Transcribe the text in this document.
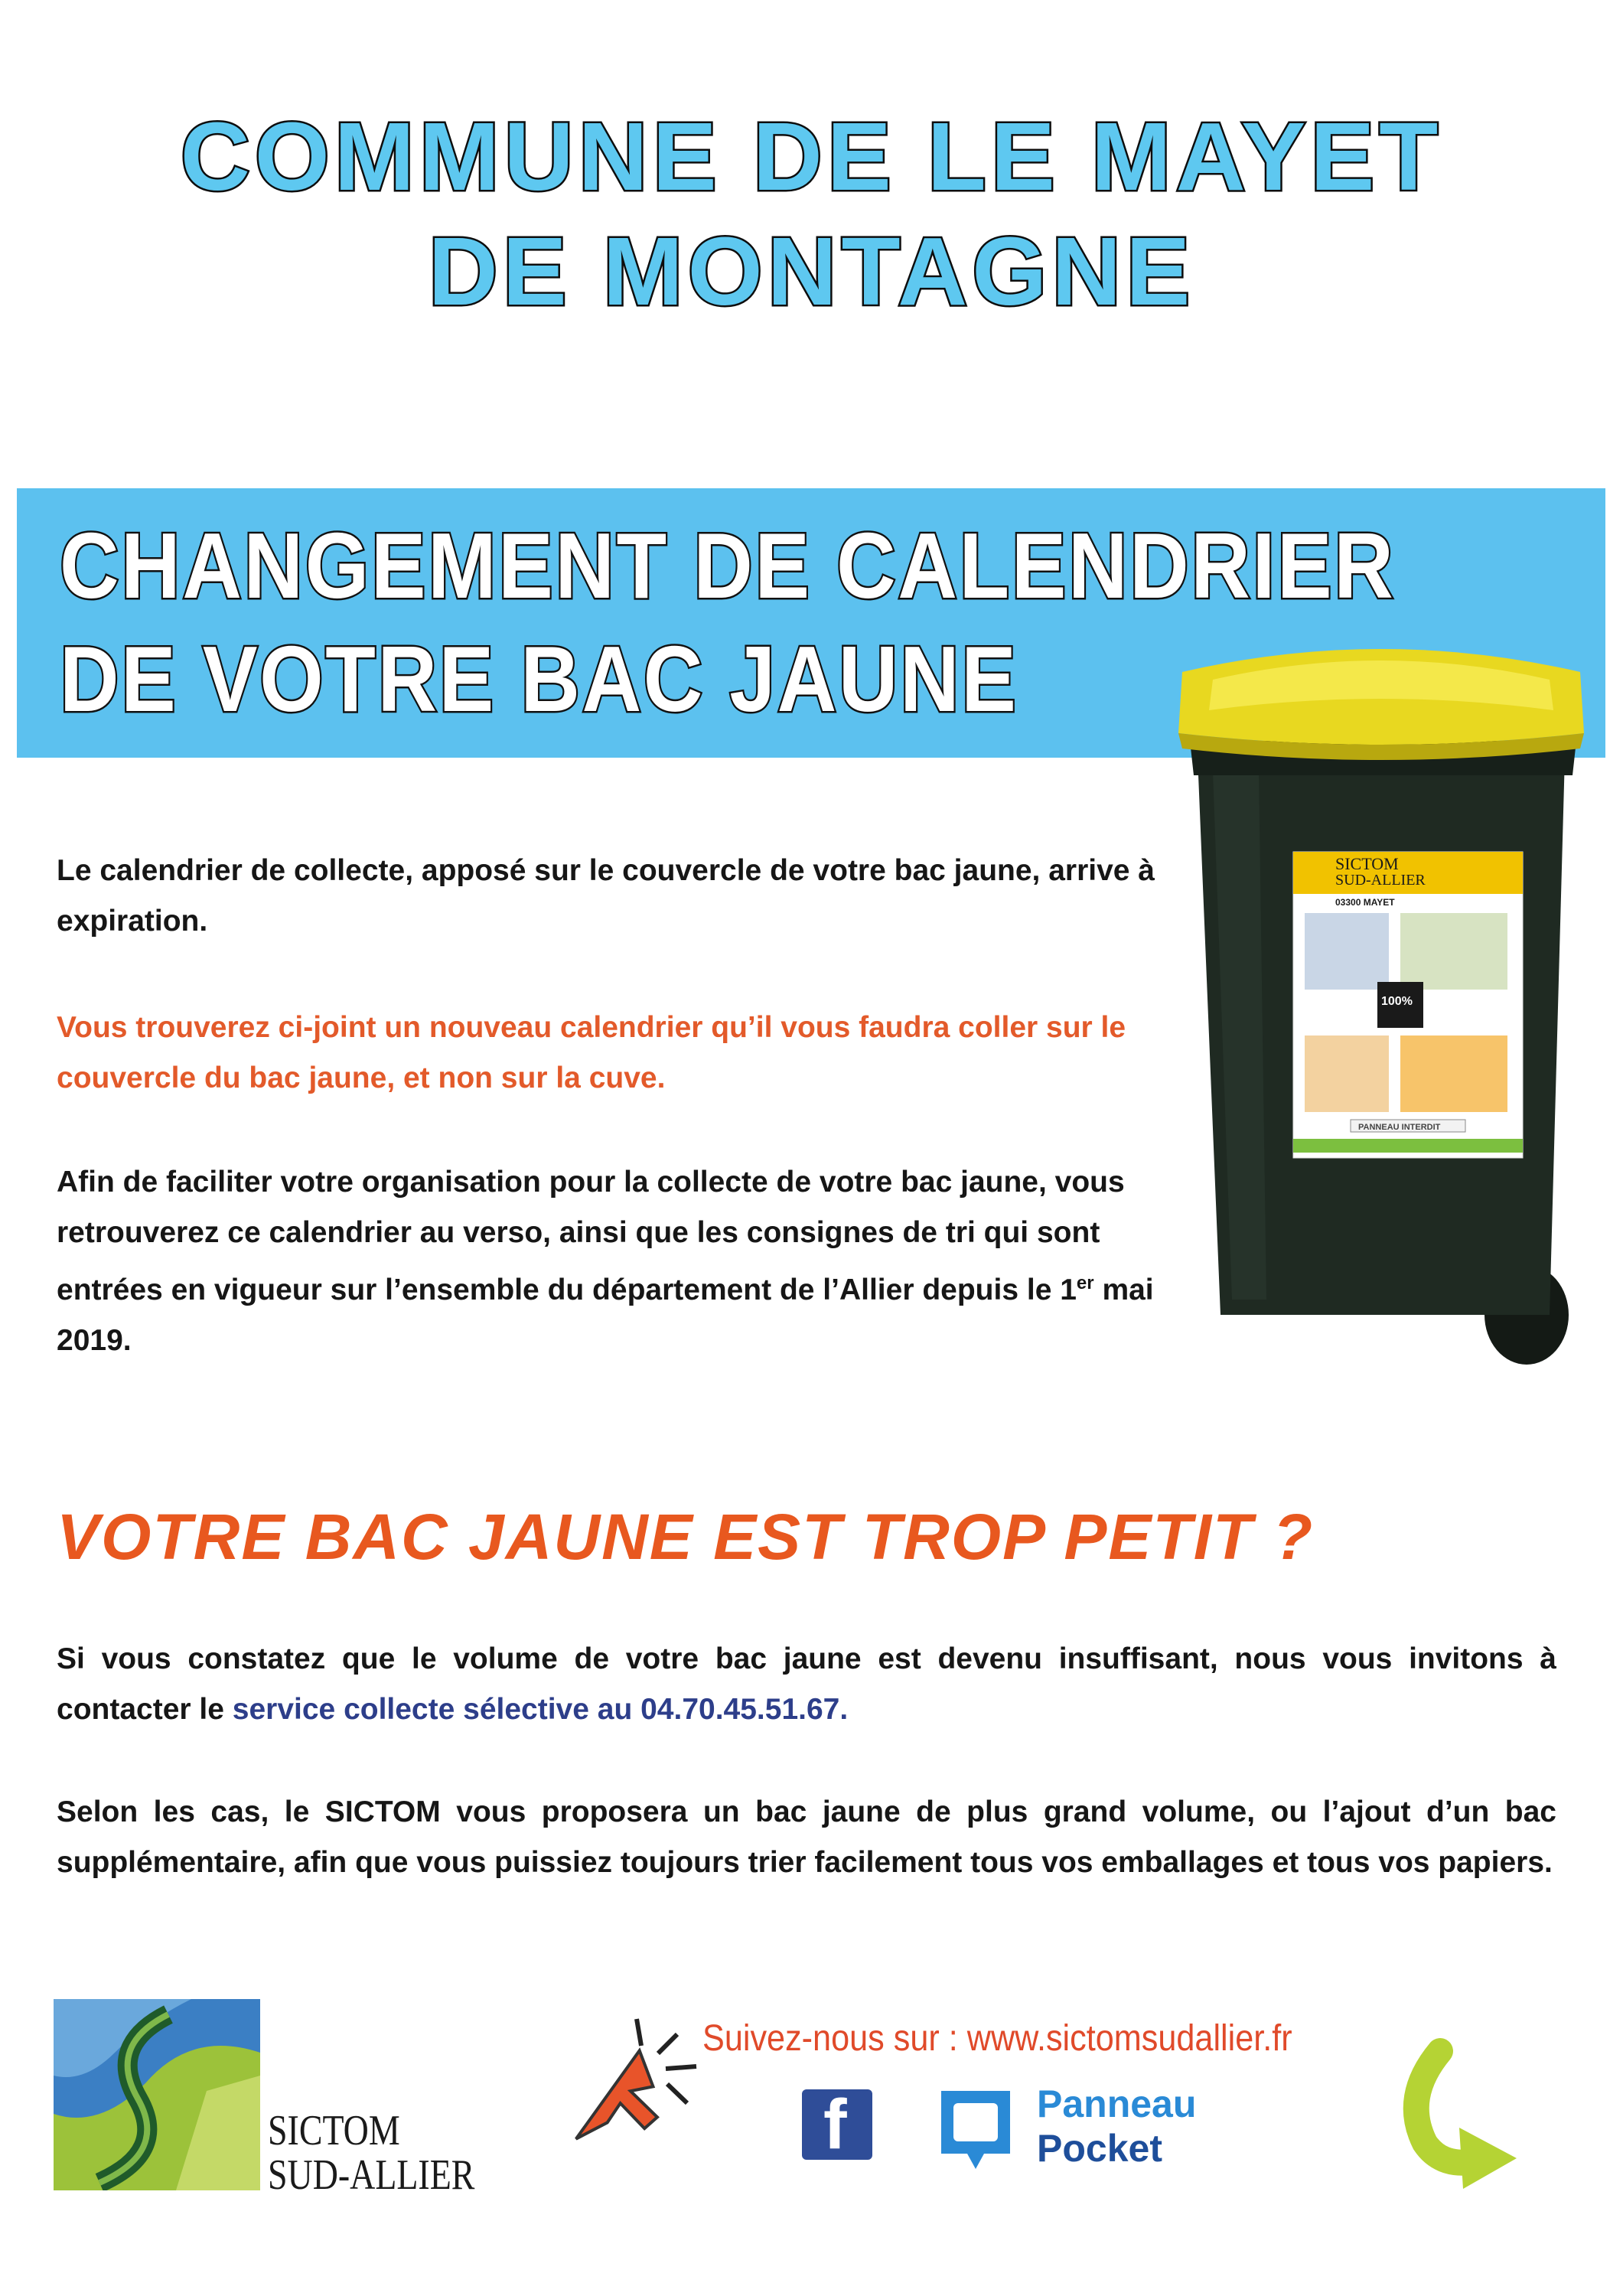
COMMUNE DE LE MAYET
DE MONTAGNE
CHANGEMENT DE CALENDRIER
DE VOTRE BAC JAUNE
SICTOM
SUD-ALLIER
03300 MAYET
100%
PANNEAU INTERDIT
Le calendrier de collecte, apposé sur le couvercle de votre bac jaune, arrive à expiration.
Vous trouverez ci-joint un nouveau calendrier qu’il vous faudra coller sur le couvercle du bac jaune, et non sur la cuve.
Afin de faciliter votre organisation pour la collecte de votre bac jaune, vous retrouverez ce calendrier au verso, ainsi que les consignes de tri qui sont entrées en vigueur sur l’ensemble du département de l’Allier depuis le 1er mai 2019.
VOTRE BAC JAUNE EST TROP PETIT ?
Si vous constatez que le volume de votre bac jaune est devenu insuffisant, nous vous invitons à contacter le service collecte sélective au 04.70.45.51.67.
Selon les cas, le SICTOM vous proposera un bac jaune de plus grand volume, ou l’ajout d’un bac supplémentaire, afin que vous puissiez toujours trier facilement tous vos emballages et tous vos papiers.
SICTOM
SUD-ALLIER
Suivez-nous sur : www.sictomsudallier.fr
f	Panneau
Pocket
